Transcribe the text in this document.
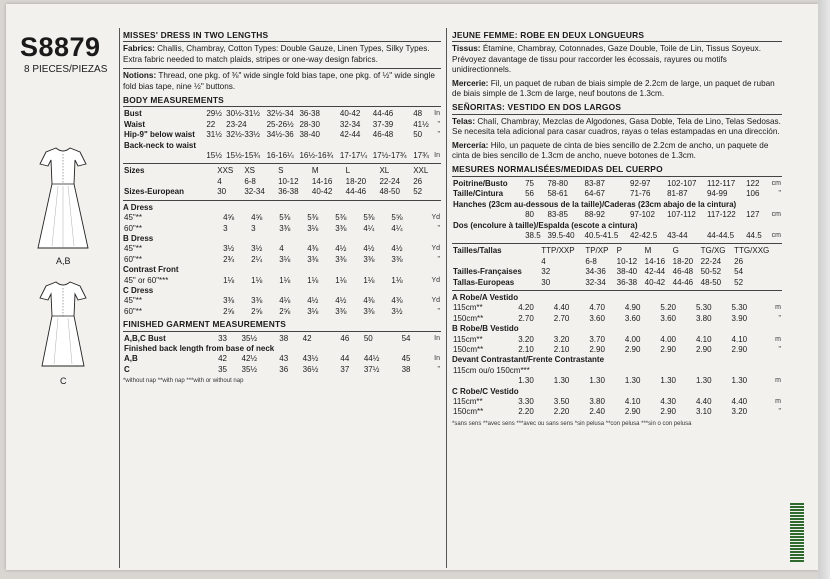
S8879
8 PIECES/PIEZAS
A,B
C
MISSES' DRESS IN TWO LENGTHS
Fabrics: Challis, Chambray, Cotton Types: Double Gauze, Linen Types, Silky Types. Extra fabric needed to match plaids, stripes or one-way design fabrics.
Notions: Thread, one pkg. of ⅜" wide single fold bias tape, one pkg. of ½" wide single fold bias tape, nine ½" buttons.
BODY MEASUREMENTS
Bust	29½	30½-31½	32½-34	36-38	40-42	44-46	48	In
Waist	22	23-24	25-26½	28-30	32-34	37-39	41½	"
Hip-9" below waist	31½	32½-33½	34½-36	38-40	42-44	46-48	50	"
Back-neck to waist								
	15½	15½-15¾	16-16¼	16½-16¾	17-17¼	17½-17¾	17¾	In
Sizes	XXS	XS	S	M	L	XL	XXL	
	4	6-8	10-12	14-16	18-20	22-24	26	
Sizes-European	30	32-34	36-38	40-42	44-46	48-50	52	
A Dress								
45"**	4⅝	4⅝	5⅜	5⅜	5⅜	5⅜	5⅝	Yd
60"**	3	3	3⅜	3⅛	3⅜	4¼	4¼	"
B Dress								
45"**	3½	3½	4	4⅜	4½	4½	4½	Yd
60"**	2¾	2¼	3⅛	3⅜	3⅜	3⅜	3⅜	"
Contrast Front								
45" or 60"***	1⅛	1⅛	1⅛	1⅛	1⅛	1⅛	1⅛	Yd
C Dress								
45"**	3⅜	3⅜	4⅛	4½	4½	4⅜	4⅜	Yd
60"**	2⅝	2⅝	2⅝	3⅛	3⅜	3⅜	3½	"
FINISHED GARMENT MEASUREMENTS
A,B,C Bust	33	35½	38	42	46	50	54	In
Finished back length from base of neck								
A,B	42	42½	43	43½	44	44½	45	In
C	35	35½	36	36½	37	37½	38	"
*without nap **with nap ***with or without nap
JEUNE FEMME: ROBE EN DEUX LONGUEURS
Tissus: Étamine, Chambray, Cotonnades, Gaze Double, Toile de Lin, Tissus Soyeux. Prévoyez davantage de tissu pour raccorder les écossais, rayures ou motifs unidirectionnels.
Mercerie: Fil, un paquet de ruban de biais simple de 2.2cm de large, un paquet de ruban de biais simple de 1.3cm de large, neuf boutons de 1.3cm.
SEÑORITAS: VESTIDO EN DOS LARGOS
Telas: Chalí, Chambray, Mezclas de Algodones, Gasa Doble, Tela de Lino, Telas Sedosas. Se necesita tela adicional para casar cuadros, rayas o telas estampadas en una dirección.
Mercería: Hilo, un paquete de cinta de bies sencillo de 2.2cm de ancho, un paquete de cinta de bies sencillo de 1.3cm de ancho, nueve botones de 1.3cm.
MESURES NORMALISÉES/MEDIDAS DEL CUERPO
Poitrine/Busto	75	78-80	83-87	92-97	102-107	112-117	122	cm
Taille/Cintura	56	58-61	64-67	71-76	81-87	94-99	106	"
Hanches (23cm au-dessous de la taille)/Caderas (23cm abajo de la cintura)								
	80	83-85	88-92	97-102	107-112	117-122	127	cm
Dos (encolure à taille)/Espalda (escote a cintura)								
	38.5	39.5-40	40.5-41.5	42-42.5	43-44	44-44.5	44.5	cm
Tailles/Tallas	TTP/XXP	TP/XP	P	M	G	TG/XG	TTG/XXG	
	4	6-8	10-12	14-16	18-20	22-24	26	
Tailles-Françaises	32	34-36	38-40	42-44	46-48	50-52	54	
Tallas-Europeas	30	32-34	36-38	40-42	44-46	48-50	52	
A Robe/A Vestido								
115cm**	4.20	4.40	4.70	4.90	5.20	5.30	5.30	m
150cm**	2.70	2.70	3.60	3.60	3.60	3.80	3.90	"
B Robe/B Vestido								
115cm**	3.20	3.20	3.70	4.00	4.00	4.10	4.10	m
150cm**	2.10	2.10	2.90	2.90	2.90	2.90	2.90	"
Devant Contrastant/Frente Contrastante								
115cm ou/o 150cm***								
	1.30	1.30	1.30	1.30	1.30	1.30	1.30	m
C Robe/C Vestido								
115cm**	3.30	3.50	3.80	4.10	4.30	4.40	4.40	m
150cm**	2.20	2.20	2.40	2.90	2.90	3.10	3.20	"
*sans sens **avec sens ***avec ou sans sens *sin pelusa **con pelusa ***sin o con pelusa
